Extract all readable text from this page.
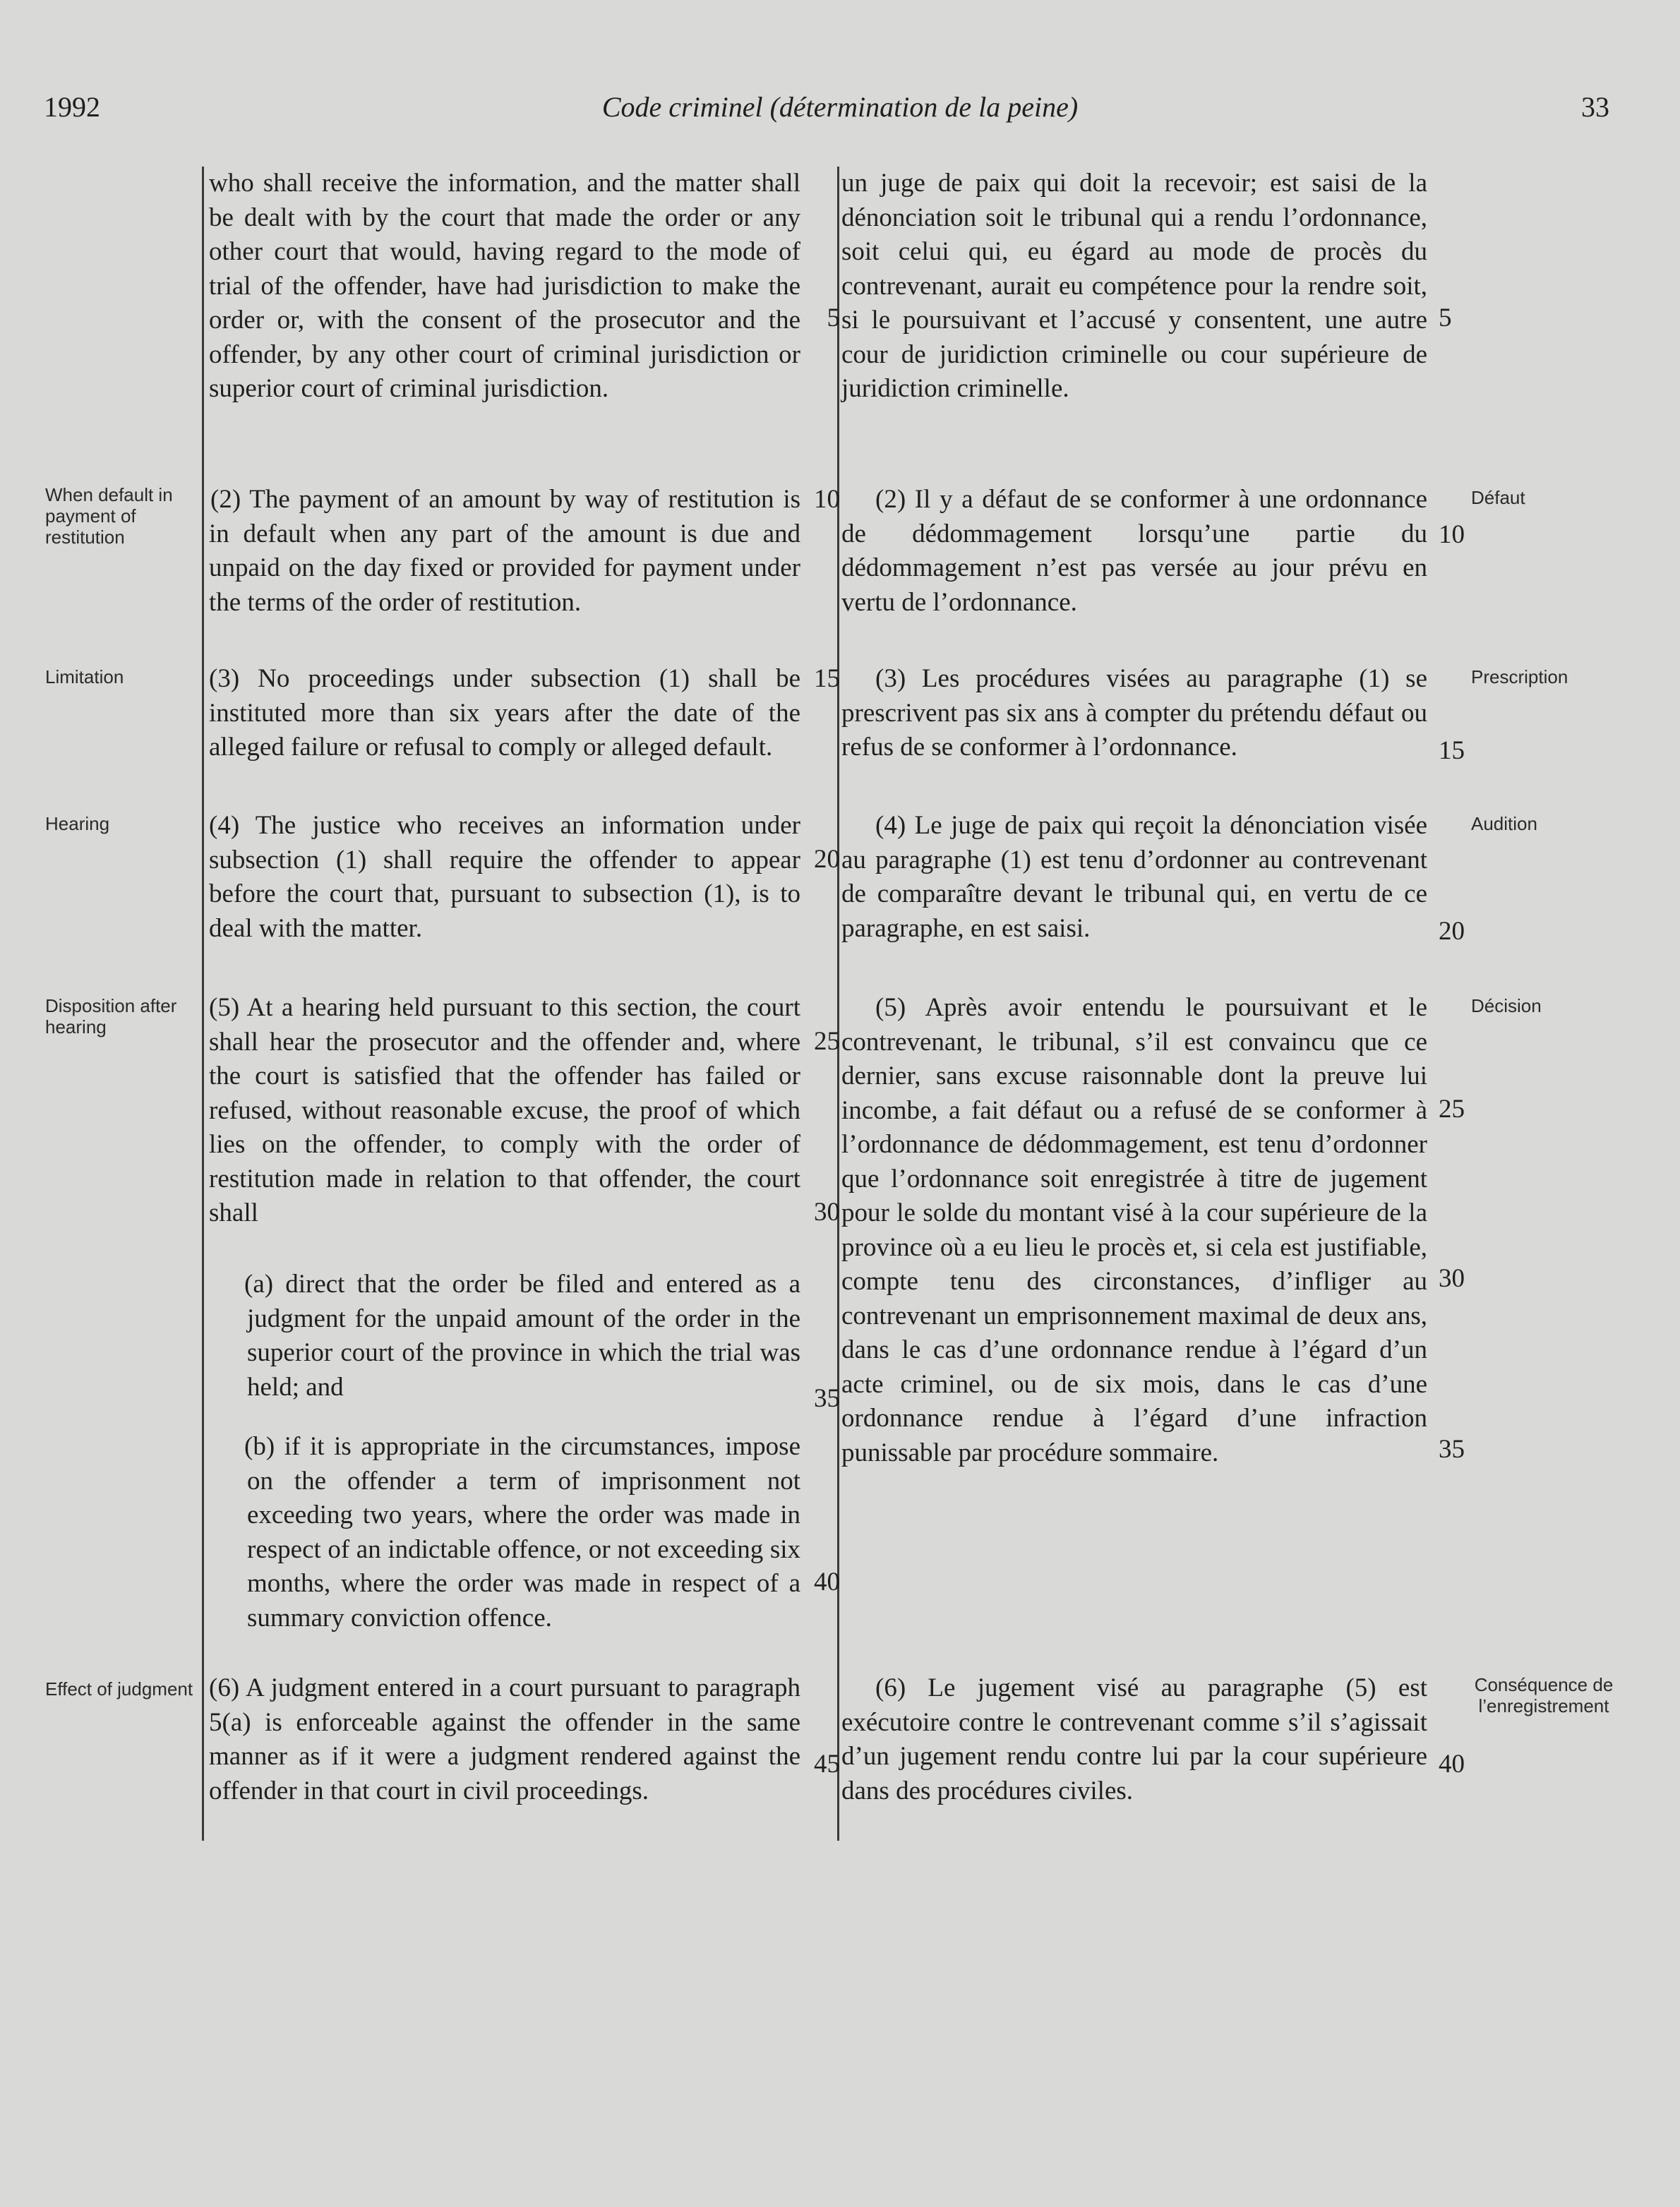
1992	Code criminel (détermination de la peine)	33
When default in payment of restitution
Limitation
Hearing
Disposition after hearing
Effect of judgment
who shall receive the information, and the matter shall be dealt with by the court that made the order or any other court that would, having regard to the mode of trial of the offender, have had jurisdiction to make the order or, with the consent of the prosecutor and the offender, by any other court of criminal jurisdiction or superior court of criminal jurisdiction.
(2) The payment of an amount by way of restitution is in default when any part of the amount is due and unpaid on the day fixed or provided for payment under the terms of the order of restitution.
(3) No proceedings under subsection (1) shall be instituted more than six years after the date of the alleged failure or refusal to comply or alleged default.
(4) The justice who receives an information under subsection (1) shall require the offender to appear before the court that, pursuant to subsection (1), is to deal with the matter.
(5) At a hearing held pursuant to this section, the court shall hear the prosecutor and the offender and, where the court is satisfied that the offender has failed or refused, without reasonable excuse, the proof of which lies on the offender, to comply with the order of restitution made in relation to that offender, the court shall
(a) direct that the order be filed and entered as a judgment for the unpaid amount of the order in the superior court of the province in which the trial was held; and
(b) if it is appropriate in the circumstances, impose on the offender a term of imprisonment not exceeding two years, where the order was made in respect of an indictable offence, or not exceeding six months, where the order was made in respect of a summary conviction offence.
(6) A judgment entered in a court pursuant to paragraph 5(a) is enforceable against the offender in the same manner as if it were a judgment rendered against the offender in that court in civil proceedings.
5
10
15
20
25
30
35
40
45
un juge de paix qui doit la recevoir; est saisi de la dénonciation soit le tribunal qui a rendu l’ordonnance, soit celui qui, eu égard au mode de procès du contrevenant, aurait eu compétence pour la rendre soit, si le poursuivant et l’accusé y consentent, une autre cour de juridiction criminelle ou cour supérieure de juridiction criminelle.
(2) Il y a défaut de se conformer à une ordonnance de dédommagement lorsqu’une partie du dédommagement n’est pas versée au jour prévu en vertu de l’ordonnance.
(3) Les procédures visées au paragraphe (1) se prescrivent pas six ans à compter du prétendu défaut ou refus de se conformer à l’ordonnance.
(4) Le juge de paix qui reçoit la dénonciation visée au paragraphe (1) est tenu d’ordonner au contrevenant de comparaître devant le tribunal qui, en vertu de ce paragraphe, en est saisi.
(5) Après avoir entendu le poursuivant et le contrevenant, le tribunal, s’il est convaincu que ce dernier, sans excuse raisonnable dont la preuve lui incombe, a fait défaut ou a refusé de se conformer à l’ordonnance de dédommagement, est tenu d’ordonner que l’ordonnance soit enregistrée à titre de jugement pour le solde du montant visé à la cour supérieure de la province où a eu lieu le procès et, si cela est justifiable, compte tenu des circonstances, d’infliger au contrevenant un emprisonnement maximal de deux ans, dans le cas d’une ordonnance rendue à l’égard d’un acte criminel, ou de six mois, dans le cas d’une ordonnance rendue à l’égard d’une infraction punissable par procédure sommaire.
(6) Le jugement visé au paragraphe (5) est exécutoire contre le contrevenant comme s’il s’agissait d’un jugement rendu contre lui par la cour supérieure dans des procédures civiles.
5
10
15
20
25
30
35
40
Défaut
Prescription
Audition
Décision
Conséquence de l’enregistrement
